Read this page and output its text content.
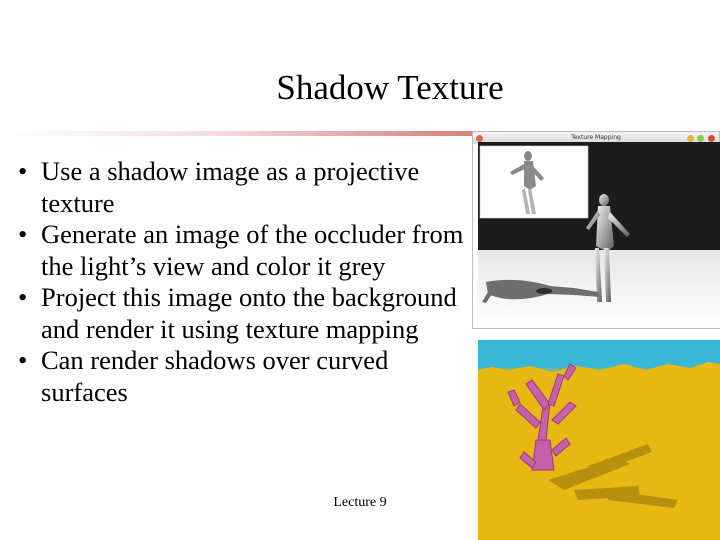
Shadow Texture
• Use a shadow image as a projective texture
• Generate an image of the occluder from the light’s view and color it grey
• Project this image onto the background and render it using texture mapping
• Can render shadows over curved surfaces
Lecture 9
Texture Mapping
